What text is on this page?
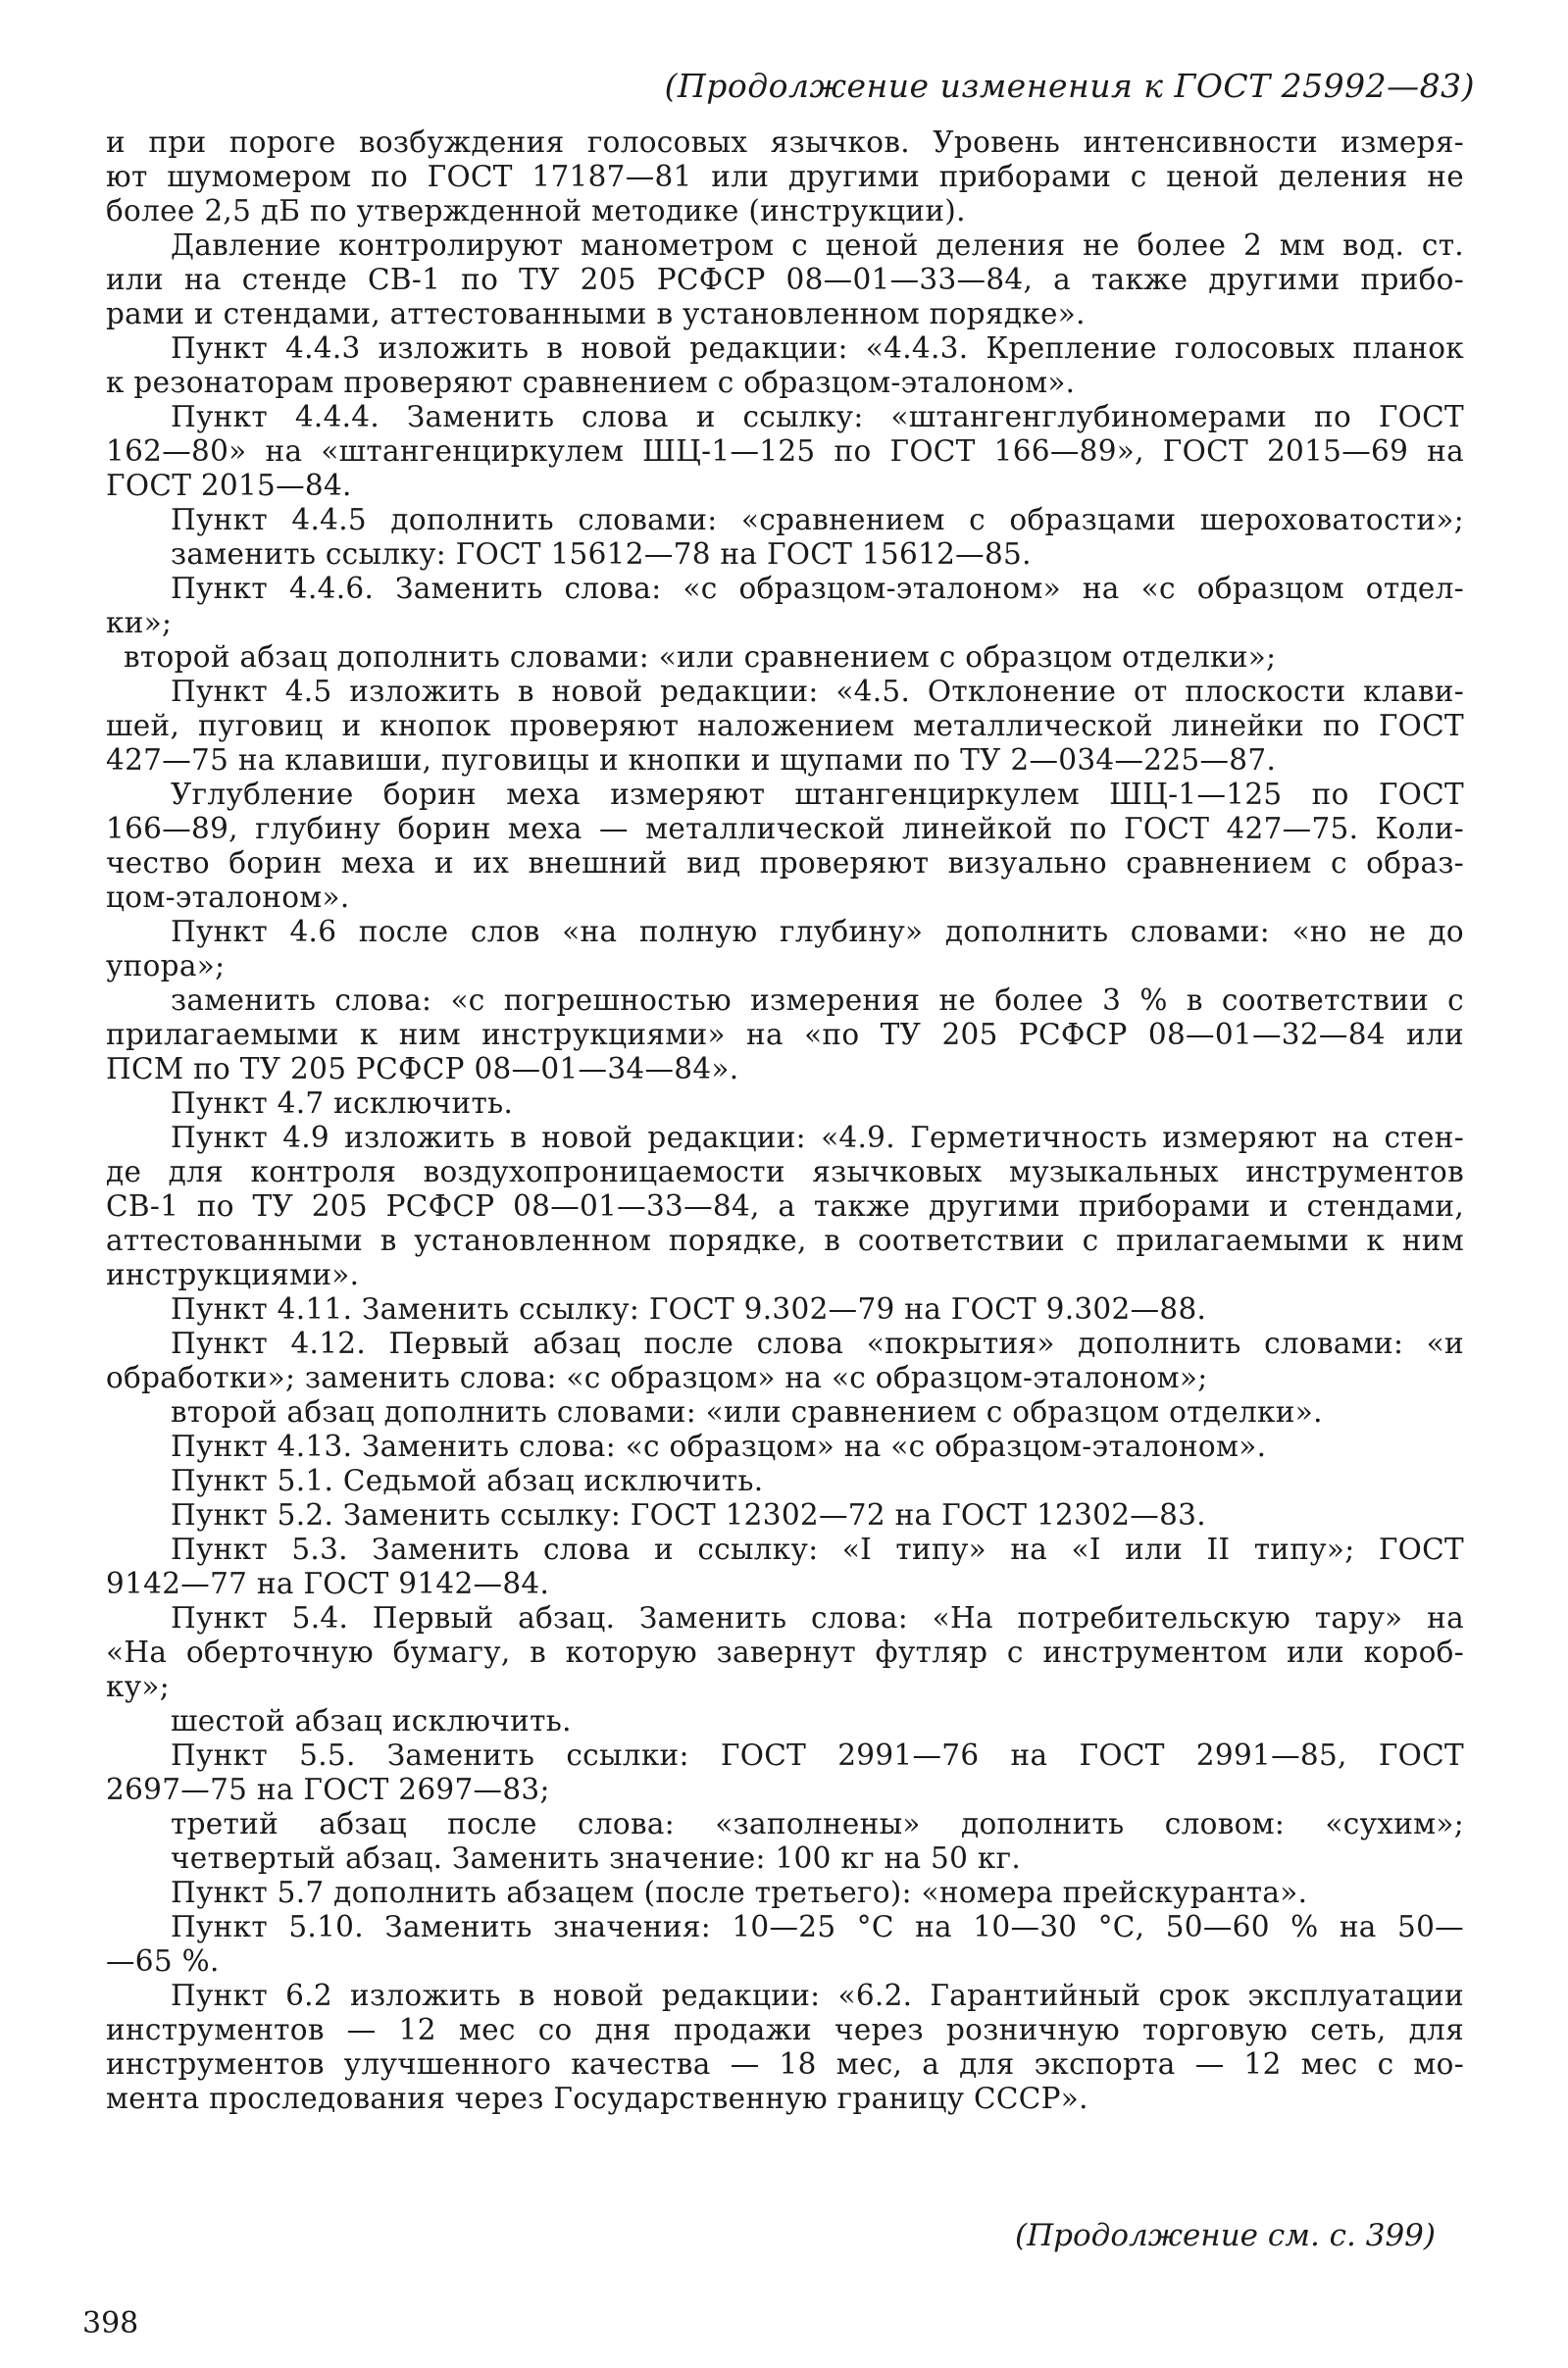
(Продолжение изменения к ГОСТ 25992—83)
и при пороге возбуждения голосовых язычков. Уровень интенсивности измеря-
ют шумомером по ГОСТ 17187—81 или другими приборами с ценой деления не
более 2,5 дБ по утвержденной методике (инструкции).
Давление контролируют манометром с ценой деления не более 2 мм вод. ст.
или на стенде СВ-1 по ТУ 205 РСФСР 08—01—33—84, а также другими прибо-
рами и стендами, аттестованными в установленном порядке».
Пункт 4.4.3 изложить в новой редакции: «4.4.3. Крепление голосовых планок
к резонаторам проверяют сравнением с образцом-эталоном».
Пункт 4.4.4. Заменить слова и ссылку: «штангенглубиномерами по ГОСТ
162—80» на «штангенциркулем ШЦ-1—125 по ГОСТ 166—89», ГОСТ 2015—69 на
ГОСТ 2015—84.
Пункт 4.4.5 дополнить словами: «сравнением с образцами шероховатости»;
заменить ссылку: ГОСТ 15612—78 на ГОСТ 15612—85.
Пункт 4.4.6. Заменить слова: «с образцом-эталоном» на «с образцом отдел-
ки»;
второй абзац дополнить словами: «или сравнением с образцом отделки»;
Пункт 4.5 изложить в новой редакции: «4.5. Отклонение от плоскости клави-
шей, пуговиц и кнопок проверяют наложением металлической линейки по ГОСТ
427—75 на клавиши, пуговицы и кнопки и щупами по ТУ 2—034—225—87.
Углубление борин меха измеряют штангенциркулем ШЦ-1—125 по ГОСТ
166—89, глубину борин меха — металлической линейкой по ГОСТ 427—75. Коли-
чество борин меха и их внешний вид проверяют визуально сравнением с образ-
цом-эталоном».
Пункт 4.6 после слов «на полную глубину» дополнить словами: «но не до
упора»;
заменить слова: «с погрешностью измерения не более 3 % в соответствии с
прилагаемыми к ним инструкциями» на «по ТУ 205 РСФСР 08—01—32—84 или
ПСМ по ТУ 205 РСФСР 08—01—34—84».
Пункт 4.7 исключить.
Пункт 4.9 изложить в новой редакции: «4.9. Герметичность измеряют на стен-
де для контроля воздухопроницаемости язычковых музыкальных инструментов
СВ-1 по ТУ 205 РСФСР 08—01—33—84, а также другими приборами и стендами,
аттестованными в установленном порядке, в соответствии с прилагаемыми к ним
инструкциями».
Пункт 4.11. Заменить ссылку: ГОСТ 9.302—79 на ГОСТ 9.302—88.
Пункт 4.12. Первый абзац после слова «покрытия» дополнить словами: «и
обработки»; заменить слова: «с образцом» на «с образцом-эталоном»;
второй абзац дополнить словами: «или сравнением с образцом отделки».
Пункт 4.13. Заменить слова: «с образцом» на «с образцом-эталоном».
Пункт 5.1. Седьмой абзац исключить.
Пункт 5.2. Заменить ссылку: ГОСТ 12302—72 на ГОСТ 12302—83.
Пункт 5.3. Заменить слова и ссылку: «I типу» на «I или II типу»; ГОСТ
9142—77 на ГОСТ 9142—84.
Пункт 5.4. Первый абзац. Заменить слова: «На потребительскую тару» на
«На оберточную бумагу, в которую завернут футляр с инструментом или короб-
ку»;
шестой абзац исключить.
Пункт 5.5. Заменить ссылки: ГОСТ 2991—76 на ГОСТ 2991—85, ГОСТ
2697—75 на ГОСТ 2697—83;
третий абзац после слова: «заполнены» дополнить словом: «сухим»;
четвертый абзац. Заменить значение: 100 кг на 50 кг.
Пункт 5.7 дополнить абзацем (после третьего): «номера прейскуранта».
Пункт 5.10. Заменить значения: 10—25 °С на 10—30 °С, 50—60 % на 50—
—65 %.
Пункт 6.2 изложить в новой редакции: «6.2. Гарантийный срок эксплуатации
инструментов — 12 мес со дня продажи через розничную торговую сеть, для
инструментов улучшенного качества — 18 мес, а для экспорта — 12 мес с мо-
мента проследования через Государственную границу СССР».
(Продолжение см. с. 399)
398
